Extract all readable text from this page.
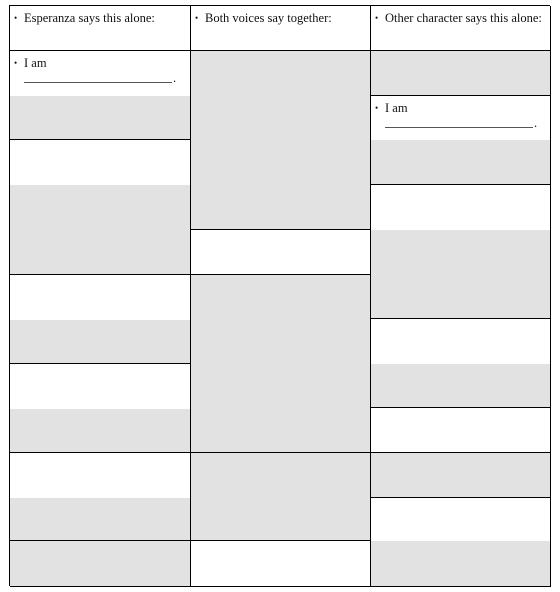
• Esperanza says this alone:
• I am
.
• Both voices say together:	• Other character says this alone:
• I am
.
